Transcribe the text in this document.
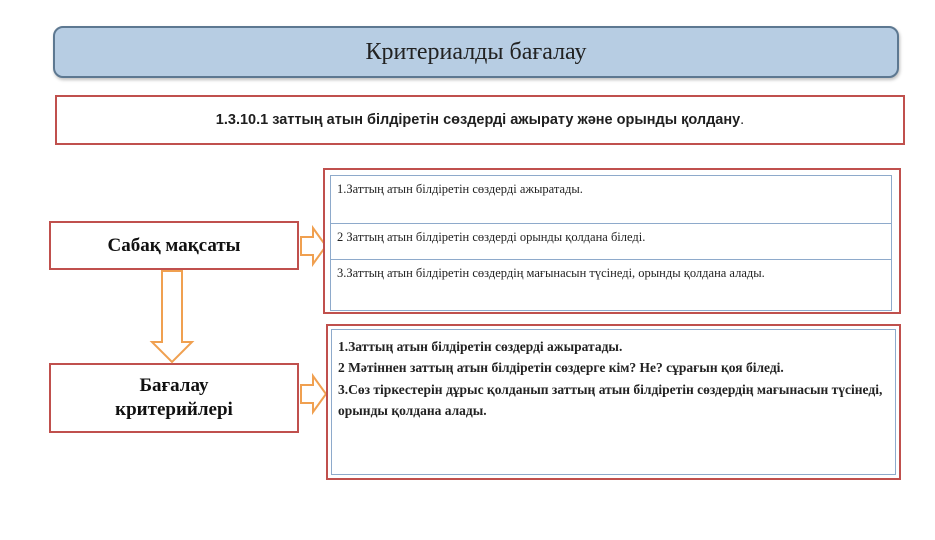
Критериалды бағалау
1.3.10.1 заттың атын білдіретін сөздерді ажырату және орынды қолдану .
Сабақ мақсаты
Бағалау
критерийлері
1.Заттың атын білдіретін сөздерді ажыратады.
2 Заттың атын білдіретін сөздерді орынды қолдана біледі.
3.Заттың атын білдіретін сөздердің мағынасын түсінеді, орынды қолдана алады.
1.Заттың атын білдіретін сөздерді ажыратады.
2 Мәтіннен заттың атын білдіретін сөздерге кім? Не? сұрағын қоя біледі.
3.Сөз тіркестерін дұрыс қолданып заттың атын білдіретін сөздердің мағынасын түсінеді, орынды қолдана алады.
